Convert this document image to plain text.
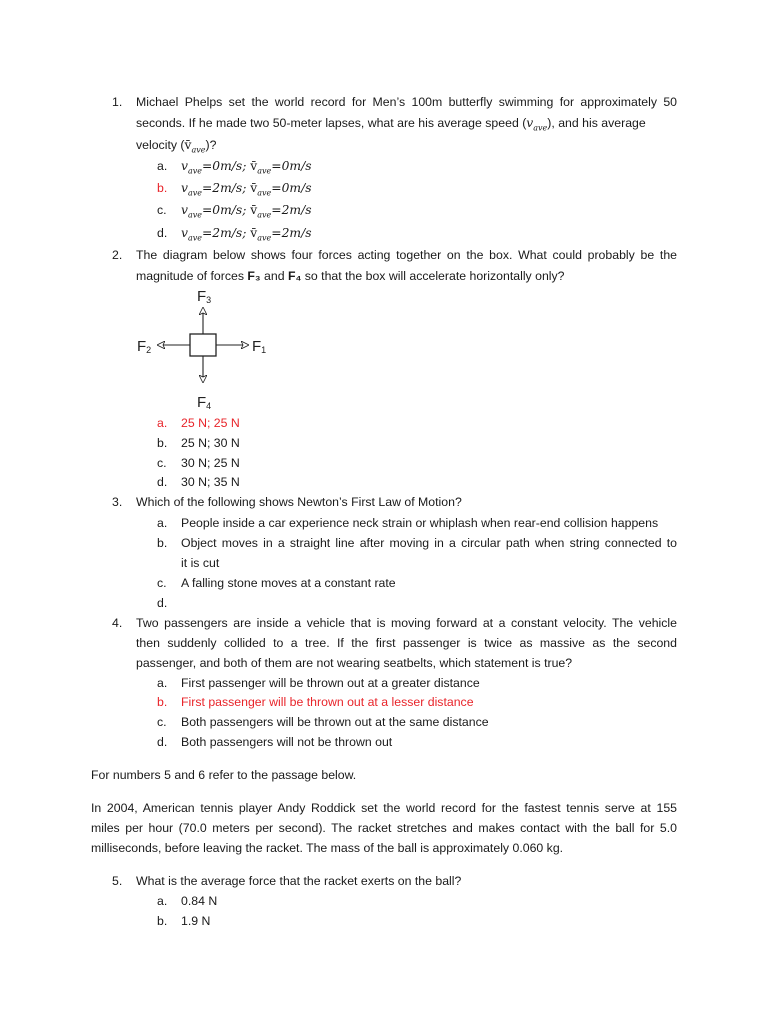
1. Michael Phelps set the world record for Men’s 100m butterfly swimming for approximately 50
seconds. If he made two 50-meter lapses, what are his average speed $(v_{ave})$, and his average
velocity $(v̄_{ave})$?
a. $v_{ave}=0m/s$; $v̄_{ave}=0m/s$
b. $v_{ave}=2m/s$; $v̄_{ave}=0m/s$
c. $v_{ave}=0m/s$; $v̄_{ave}=2m/s$
d. $v_{ave}=2m/s$; $v̄_{ave}=2m/s$
2. The diagram below shows four forces acting together on the box. What could probably be the
magnitude of forces F₃ and F₄ so that the box will accelerate horizontally only?
F3
F4
F1
F2
a. 25 N; 25 N
b. 25 N; 30 N
c. 30 N; 25 N
d. 30 N; 35 N
3. Which of the following shows Newton’s First Law of Motion?
a. People inside a car experience neck strain or whiplash when rear-end collision happens
b. Object moves in a straight line after moving in a circular path when string connected to
it is cut
c. A falling stone moves at a constant rate
d.
4. Two passengers are inside a vehicle that is moving forward at a constant velocity. The vehicle
then suddenly collided to a tree. If the first passenger is twice as massive as the second
passenger, and both of them are not wearing seatbelts, which statement is true?
a. First passenger will be thrown out at a greater distance
b. First passenger will be thrown out at a lesser distance
c. Both passengers will be thrown out at the same distance
d. Both passengers will not be thrown out
For numbers 5 and 6 refer to the passage below.
In 2004, American tennis player Andy Roddick set the world record for the fastest tennis serve at 155
miles per hour (70.0 meters per second). The racket stretches and makes contact with the ball for 5.0
milliseconds, before leaving the racket. The mass of the ball is approximately 0.060 kg.
5. What is the average force that the racket exerts on the ball?
a. 0.84 N
b. 1.9 N
